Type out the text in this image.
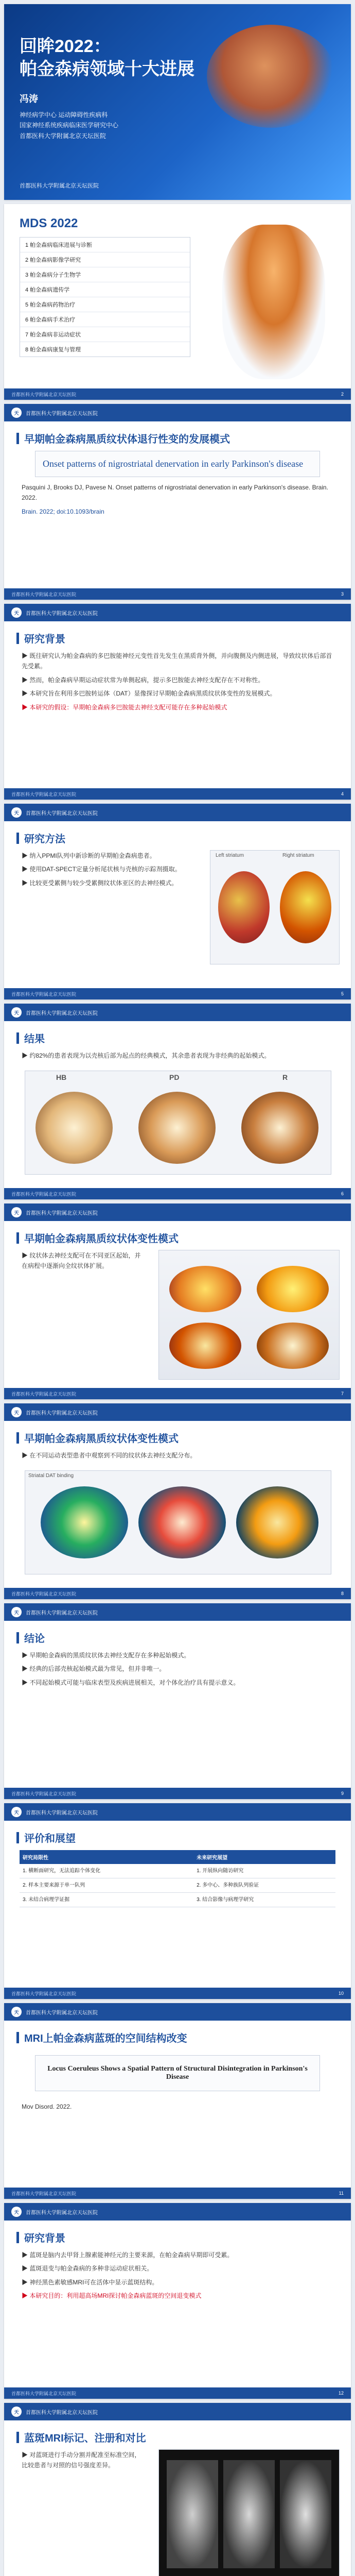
回眸2022：
帕金森病领域十大进展
冯涛
神经病学中心 运动障碍性疾病科
国家神经系统疾病临床医学研究中心
首都医科大学附属北京天坛医院
首都医科大学附属北京天坛医院
MDS 2022
1 帕金森病临床进展与诊断
2 帕金森病影像学研究
3 帕金森病分子生物学
4 帕金森病遗传学
5 帕金森病药物治疗
6 帕金森病手术治疗
7 帕金森病非运动症状
8 帕金森病康复与管理
首都医科大学附属北京天坛医院	2
天	首都医科大学附属北京天坛医院
早期帕金森病黑质纹状体退行性变的发展模式
Onset patterns of nigrostriatal denervation in early Parkinson's disease

Pasquini J, Brooks DJ, Pavese N. Onset patterns of nigrostriatal denervation in early Parkinson's disease. Brain. 2022.

Brain. 2022; doi:10.1093/brain

首都医科大学附属北京天坛医院	3
天	首都医科大学附属北京天坛医院
研究背景

▶ 既往研究认为帕金森病的多巴胺能神经元变性首先发生在黑质背外侧，并向腹侧及内侧进展，导致纹状体后部首先受累。

▶ 然而，帕金森病早期运动症状常为单侧起病，提示多巴胺能去神经支配存在不对称性。

▶ 本研究旨在利用多巴胺转运体（DAT）显像探讨早期帕金森病黑质纹状体变性的发展模式。

▶ 本研究的假设：早期帕金森病多巴胺能去神经支配可能存在多种起始模式

首都医科大学附属北京天坛医院	4
天	首都医科大学附属北京天坛医院
研究方法

▶ 纳入PPMI队列中新诊断的早期帕金森病患者。

▶ 使用DAT-SPECT定量分析尾状核与壳核的示踪剂摄取。

▶ 比较更受累侧与较少受累侧纹状体亚区的去神经模式。

Left striatum	Right striatum
首都医科大学附属北京天坛医院	5
天	首都医科大学附属北京天坛医院
结果

▶ 约82%的患者表现为以壳核后部为起点的经典模式，其余患者表现为非经典的起始模式。

HB	PD	R
首都医科大学附属北京天坛医院	6
天	首都医科大学附属北京天坛医院
早期帕金森病黑质纹状体变性模式

▶ 纹状体去神经支配可在不同亚区起始，并在病程中逐渐向全纹状体扩展。

首都医科大学附属北京天坛医院	7
天	首都医科大学附属北京天坛医院
早期帕金森病黑质纹状体变性模式

▶ 在不同运动表型患者中观察到不同的纹状体去神经支配分布。

Striatal DAT binding
首都医科大学附属北京天坛医院	8
天	首都医科大学附属北京天坛医院
结论

▶ 早期帕金森病的黑质纹状体去神经支配存在多种起始模式。

▶ 经典的后部壳核起始模式最为常见，但并非唯一。

▶ 不同起始模式可能与临床表型及疾病进展相关，对个体化治疗具有提示意义。

首都医科大学附属北京天坛医院	9
天	首都医科大学附属北京天坛医院
评价和展望
研究局限性	未来研究展望
1. 横断面研究，无法追踪个体变化	1. 开展纵向随访研究
2. 样本主要来源于单一队列	2. 多中心、多种族队列验证
3. 未结合病理学证据	3. 结合影像与病理学研究
首都医科大学附属北京天坛医院	10
天	首都医科大学附属北京天坛医院
MRI上帕金森病蓝斑的空间结构改变
Locus Coeruleus Shows a Spatial Pattern of Structural Disintegration in Parkinson's Disease

Mov Disord. 2022.

首都医科大学附属北京天坛医院	11
天	首都医科大学附属北京天坛医院
研究背景

▶ 蓝斑是脑内去甲肾上腺素能神经元的主要来源，在帕金森病早期即可受累。

▶ 蓝斑退变与帕金森病的多种非运动症状相关。

▶ 神经黑色素敏感MRI可在活体中显示蓝斑结构。

▶ 本研究目的：利用超高场MRI探讨帕金森病蓝斑的空间退变模式

首都医科大学附属北京天坛医院	12
天	首都医科大学附属北京天坛医院
蓝斑MRI标记、注册和对比

▶ 对蓝斑进行手动分割并配准至标准空间，比较患者与对照的信号强度差异。
